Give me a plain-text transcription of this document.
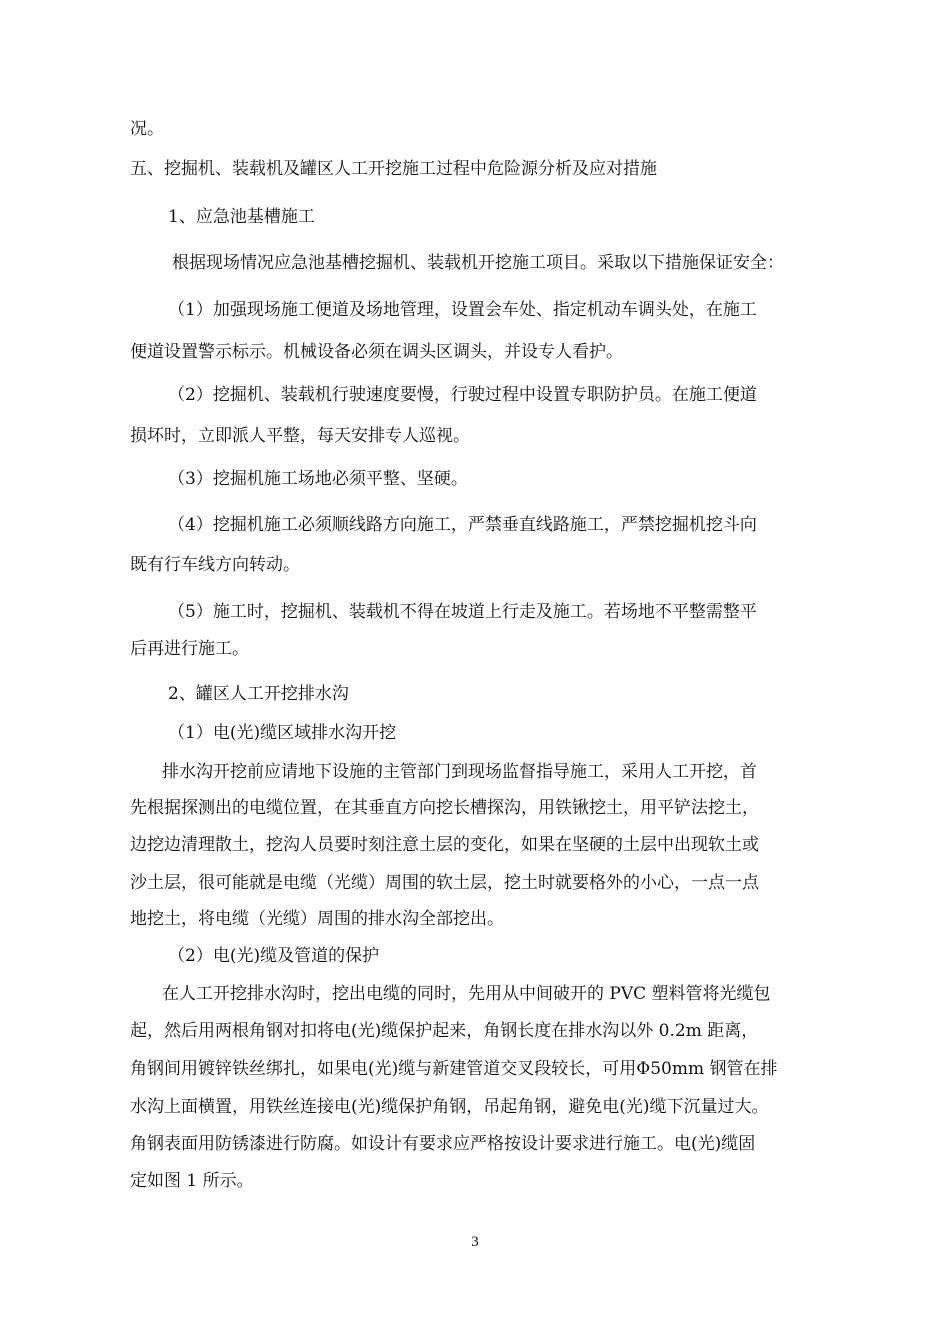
况。
五、挖掘机、装载机及罐区人工开挖施工过程中危险源分析及应对措施
1、应急池基槽施工
根据现场情况应急池基槽挖掘机、装载机开挖施工项目。采取以下措施保证安全：
（1）加强现场施工便道及场地管理，设置会车处、指定机动车调头处，在施工
便道设置警示标示。机械设备必须在调头区调头，并设专人看护。
（2）挖掘机、装载机行驶速度要慢，行驶过程中设置专职防护员。在施工便道
损坏时，立即派人平整，每天安排专人巡视。
（3）挖掘机施工场地必须平整、坚硬。
（4）挖掘机施工必须顺线路方向施工，严禁垂直线路施工，严禁挖掘机挖斗向
既有行车线方向转动。
（5）施工时，挖掘机、装载机不得在坡道上行走及施工。若场地不平整需整平
后再进行施工。
2、罐区人工开挖排水沟
（1）电(光)缆区域排水沟开挖
排水沟开挖前应请地下设施的主管部门到现场监督指导施工，采用人工开挖，首
先根据探测出的电缆位置，在其垂直方向挖长槽探沟，用铁锹挖土，用平铲法挖土，
边挖边清理散土，挖沟人员要时刻注意土层的变化，如果在坚硬的土层中出现软土或
沙土层，很可能就是电缆（光缆）周围的软土层，挖土时就要格外的小心，一点一点
地挖土，将电缆（光缆）周围的排水沟全部挖出。
（2）电(光)缆及管道的保护
在人工开挖排水沟时，挖出电缆的同时，先用从中间破开的 PVC 塑料管将光缆包
起，然后用两根角钢对扣将电(光)缆保护起来，角钢长度在排水沟以外 0.2m 距离，
角钢间用镀锌铁丝绑扎，如果电(光)缆与新建管道交叉段较长，可用Φ50mm 钢管在排
水沟上面横置，用铁丝连接电(光)缆保护角钢，吊起角钢，避免电(光)缆下沉量过大。
角钢表面用防锈漆进行防腐。如设计有要求应严格按设计要求进行施工。电(光)缆固
定如图 1 所示。
3
